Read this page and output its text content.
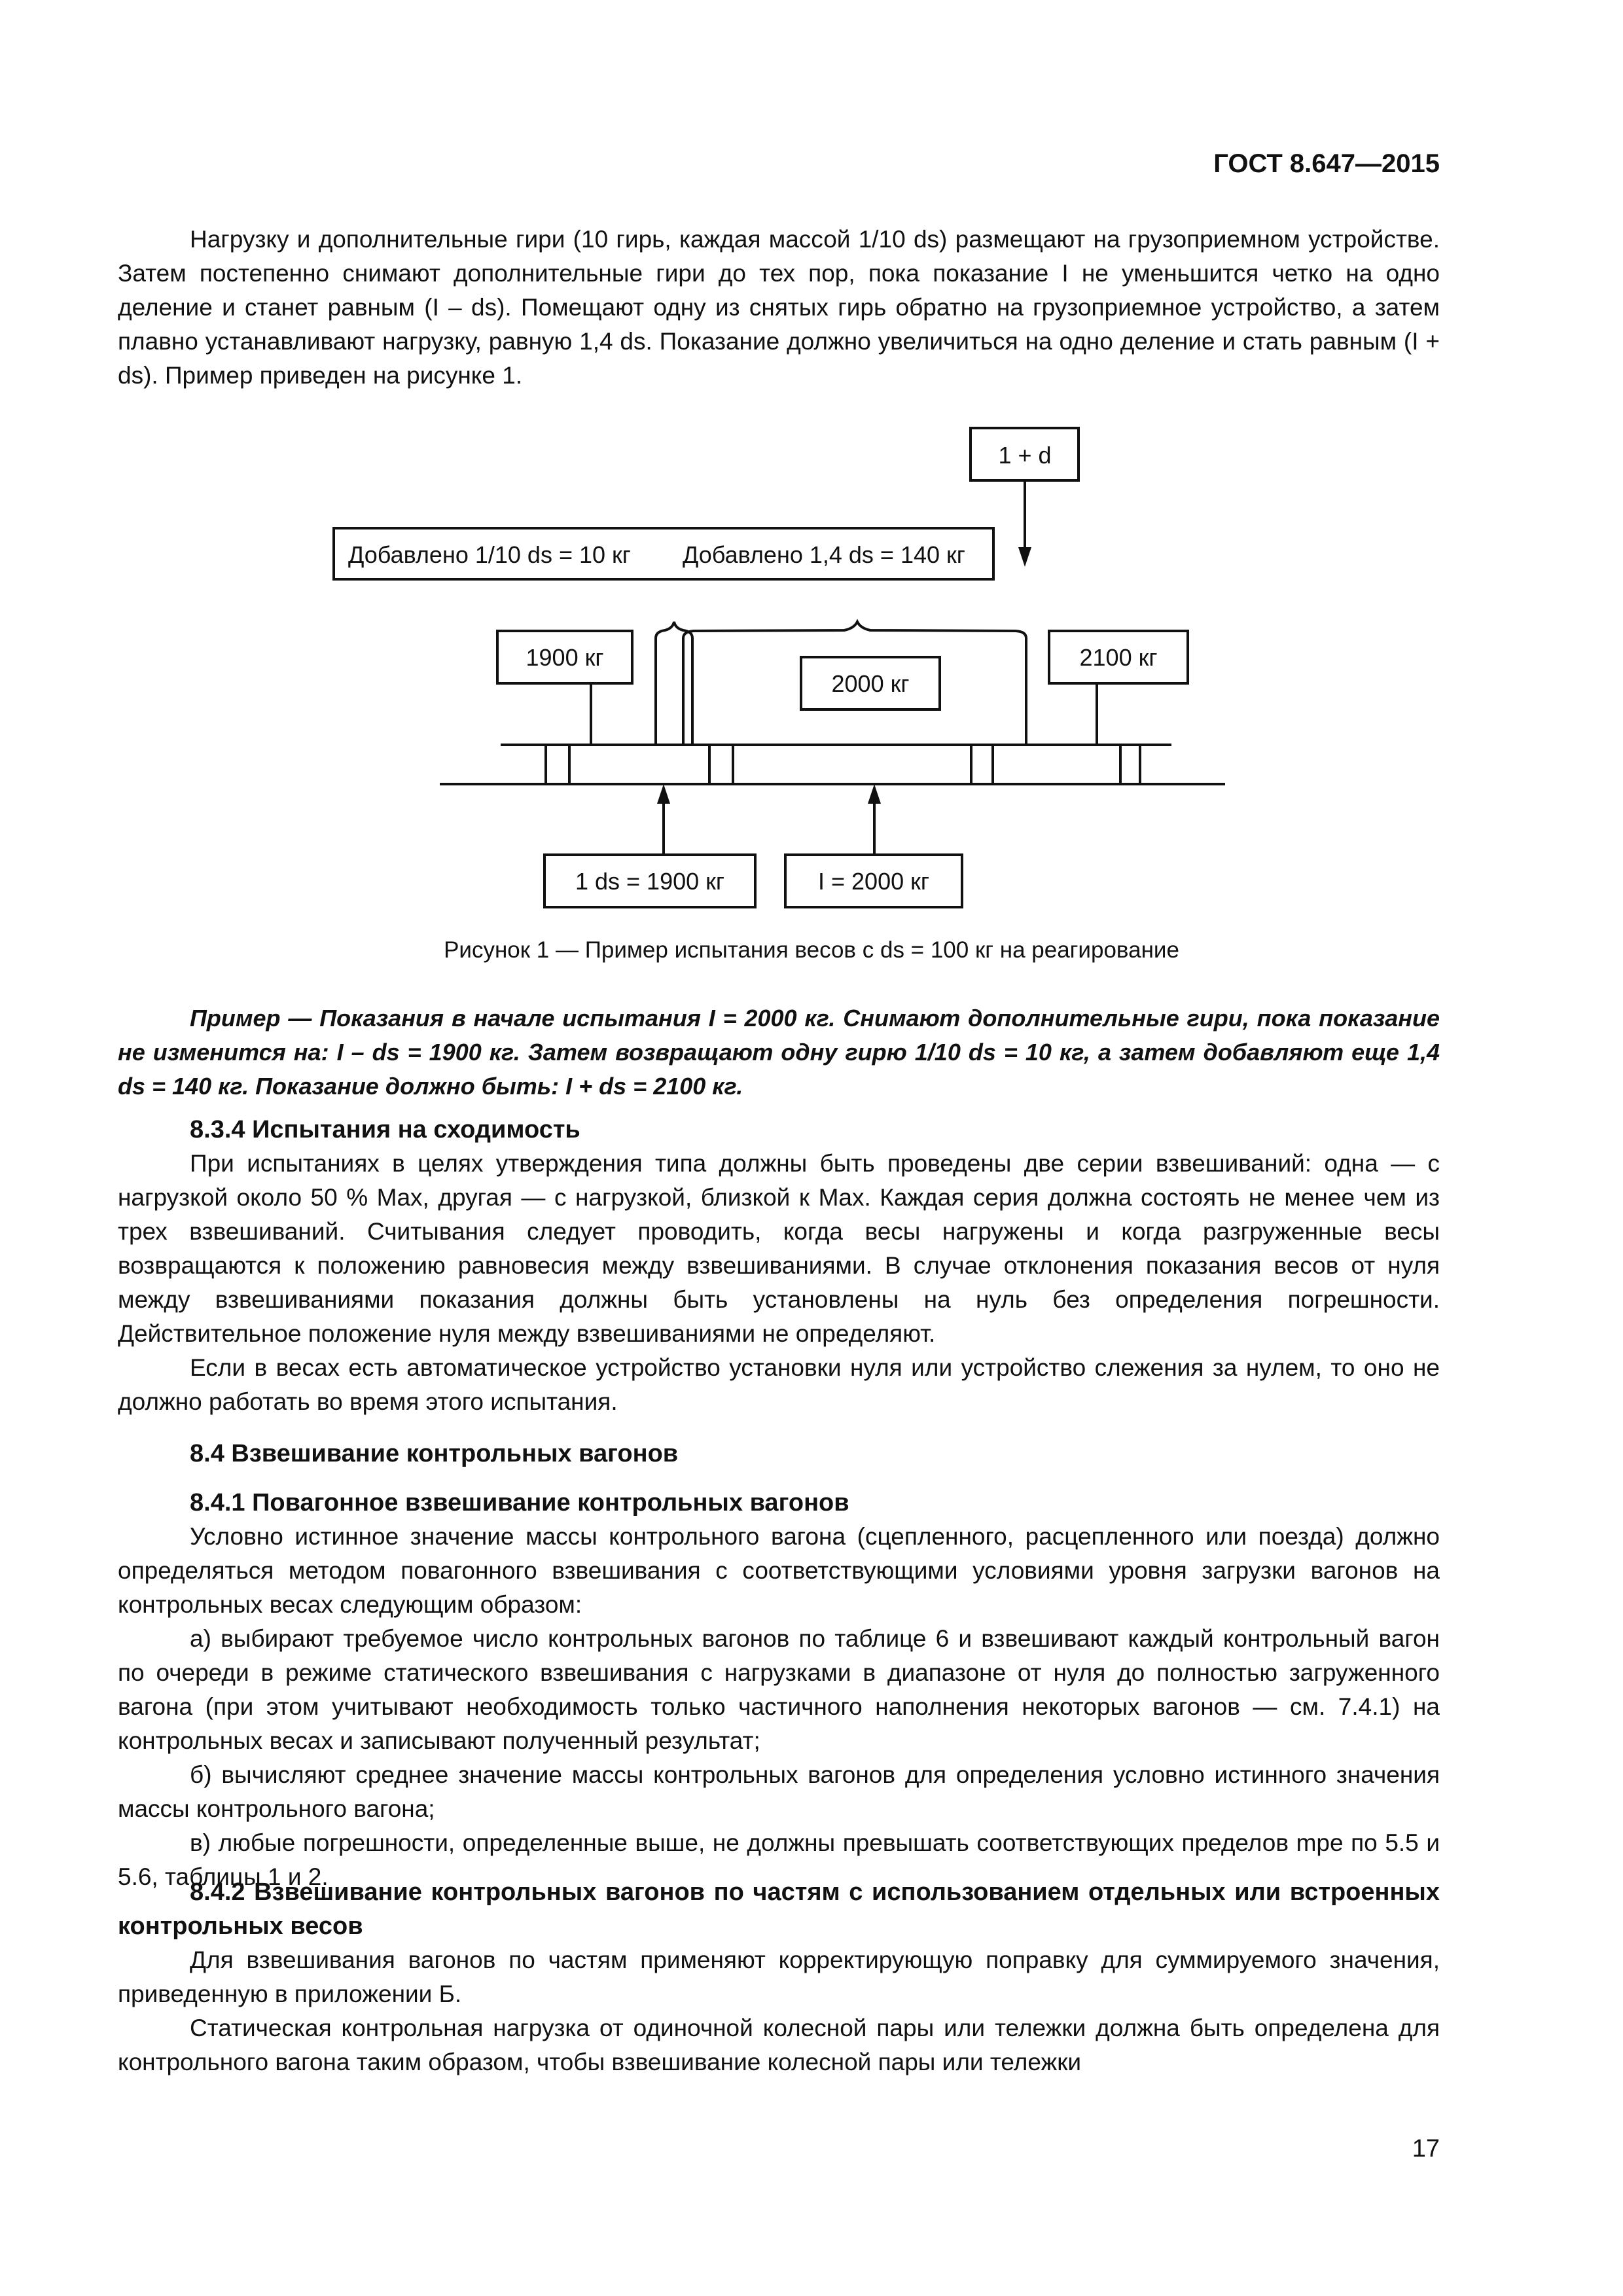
ГОСТ 8.647—2015

Нагрузку и дополнительные гири (10 гирь, каждая массой 1/10 ds) размещают на грузоприемном устройстве. Затем постепенно снимают дополнительные гири до тех пор, пока показание I не уменьшится четко на одно деление и станет равным (I – ds). Помещают одну из снятых гирь обратно на грузоприемное устройство, а затем плавно устанавливают нагрузку, равную 1,4 ds. Показание должно увеличиться на одно деление и стать равным (I + ds). Пример приведен на рисунке 1.

1 + d
Добавлено 1/10 ds = 10 кг Добавлено 1,4 ds = 140 кг
1900 кг
2000 кг
2100 кг
1 ds = 1900 кг	I = 2000 кг
Рисунок 1 — Пример испытания весов с ds = 100 кг на реагирование

Пример — Показания в начале испытания I = 2000 кг. Снимают дополнительные гири, пока показание не изменится на: I – ds = 1900 кг. Затем возвращают одну гирю 1/10 ds = 10 кг, а затем добавляют еще 1,4 ds = 140 кг. Показание должно быть: I + ds = 2100 кг.

8.3.4 Испытания на сходимость

При испытаниях в целях утверждения типа должны быть проведены две серии взвешиваний: одна — с нагрузкой около 50 % Max, другая — с нагрузкой, близкой к Max. Каждая серия должна состоять не менее чем из трех взвешиваний. Считывания следует проводить, когда весы нагружены и когда разгруженные весы возвращаются к положению равновесия между взвешиваниями. В случае отклонения показания весов от нуля между взвешиваниями показания должны быть установлены на нуль без определения погрешности. Действительное положение нуля между взвешиваниями не определяют.

Если в весах есть автоматическое устройство установки нуля или устройство слежения за нулем, то оно не должно работать во время этого испытания.

8.4 Взвешивание контрольных вагонов

8.4.1 Повагонное взвешивание контрольных вагонов

Условно истинное значение массы контрольного вагона (сцепленного, расцепленного или поезда) должно определяться методом повагонного взвешивания с соответствующими условиями уровня загрузки вагонов на контрольных весах следующим образом:

а) выбирают требуемое число контрольных вагонов по таблице 6 и взвешивают каждый контрольный вагон по очереди в режиме статического взвешивания с нагрузками в диапазоне от нуля до полностью загруженного вагона (при этом учитывают необходимость только частичного наполнения некоторых вагонов — см. 7.4.1) на контрольных весах и записывают полученный результат;

б) вычисляют среднее значение массы контрольных вагонов для определения условно истинного значения массы контрольного вагона;

в) любые погрешности, определенные выше, не должны превышать соответствующих пределов mpe по 5.5 и 5.6, таблицы 1 и 2.

8.4.2 Взвешивание контрольных вагонов по частям с использованием отдельных или встроенных контрольных весов

Для взвешивания вагонов по частям применяют корректирующую поправку для суммируемого значения, приведенную в приложении Б.

Статическая контрольная нагрузка от одиночной колесной пары или тележки должна быть определена для контрольного вагона таким образом, чтобы взвешивание колесной пары или тележки

17
